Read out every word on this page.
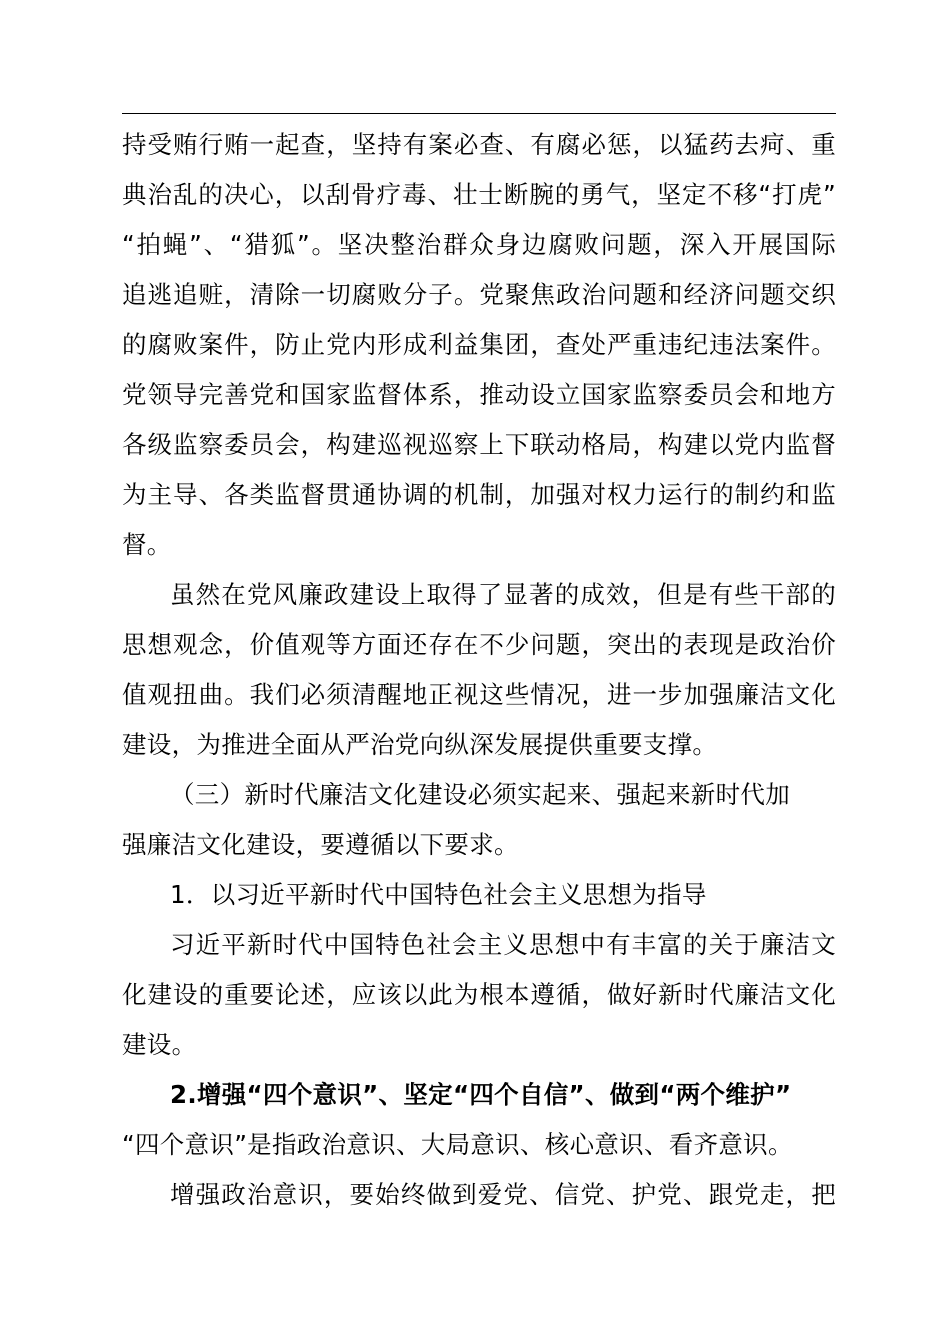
持受贿行贿一起查，坚持有案必查、有腐必惩，以猛药去疴、重
典治乱的决心，以刮骨疗毒、壮士断腕的勇气，坚定不移“打虎”
“拍蝇”、“猎狐”。坚决整治群众身边腐败问题，深入开展国际
追逃追赃，清除一切腐败分子。党聚焦政治问题和经济问题交织
的腐败案件，防止党内形成利益集团，查处严重违纪违法案件。
党领导完善党和国家监督体系，推动设立国家监察委员会和地方
各级监察委员会，构建巡视巡察上下联动格局，构建以党内监督
为主导、各类监督贯通协调的机制，加强对权力运行的制约和监
督。
虽然在党风廉政建设上取得了显著的成效，但是有些干部的
思想观念，价值观等方面还存在不少问题，突出的表现是政治价
值观扭曲。我们必须清醒地正视这些情况，进一步加强廉洁文化
建设，为推进全面从严治党向纵深发展提供重要支撑。
（三）新时代廉洁文化建设必须实起来、强起来新时代加
强廉洁文化建设，要遵循以下要求。
1．以习近平新时代中国特色社会主义思想为指导
习近平新时代中国特色社会主义思想中有丰富的关于廉洁文
化建设的重要论述，应该以此为根本遵循，做好新时代廉洁文化
建设。
2.增强“四个意识”、坚定“四个自信”、做到“两个维护”
“四个意识”是指政治意识、大局意识、核心意识、看齐意识。
增强政治意识，要始终做到爱党、信党、护党、跟党走，把
